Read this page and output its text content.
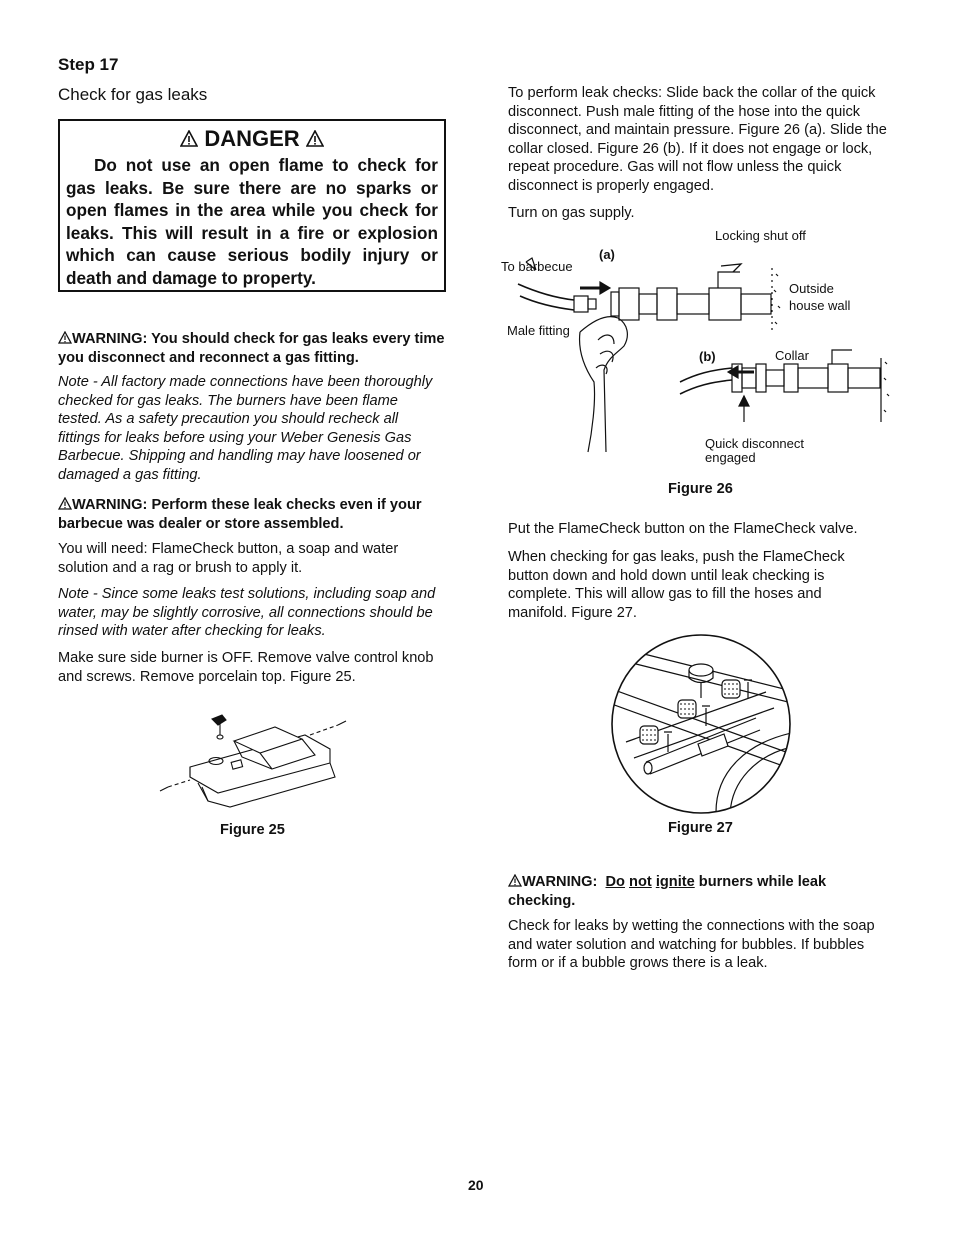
Step 17
Check for gas leaks
DANGER

Do not use an open flame to check for gas leaks. Be sure there are no sparks or open flames in the area while you check for leaks. This will result in a fire or explosion which can cause serious bodily injury or death and damage to property.

WARNING: You should check for gas leaks every time you disconnect and reconnect a gas fitting.

Note - All factory made connections have been thoroughly checked for gas leaks. The burners have been flame tested. As a safety precaution you should recheck all fittings for leaks before using your Weber Genesis Gas Barbecue. Shipping and handling may have loosened or damaged a gas fitting.

WARNING: Perform these leak checks even if your barbecue was dealer or store assembled.

You will need: FlameCheck button, a soap and water solution and a rag or brush to apply it.

Note - Since some leaks test solutions, including soap and water, may be slightly corrosive, all connections should be rinsed with water after checking for leaks.

Make sure side burner is OFF. Remove valve control knob and screws. Remove porcelain top. Figure 25.

Figure 25

To perform leak checks: Slide back the collar of the quick disconnect. Push male fitting of the hose into the quick disconnect, and maintain pressure. Figure 26 (a). Slide the collar closed. Figure 26 (b). If it does not engage or lock, repeat procedure. Gas will not flow unless the quick disconnect is properly engaged.

Turn on gas supply.

(a)
To barbecue
Locking shut off
Outside
house wall
Male fitting
(b)	Collar
Quick disconnect
engaged
Figure 26

Put the FlameCheck button on the FlameCheck valve.

When checking for gas leaks, push the FlameCheck button down and hold down until leak checking is complete. This will allow gas to fill the hoses and manifold. Figure 27.

Figure 27

WARNING: Do not ignite burners while leak checking.

Check for leaks by wetting the connections with the soap and water solution and watching for bubbles. If bubbles form or if a bubble grows there is a leak.

20
